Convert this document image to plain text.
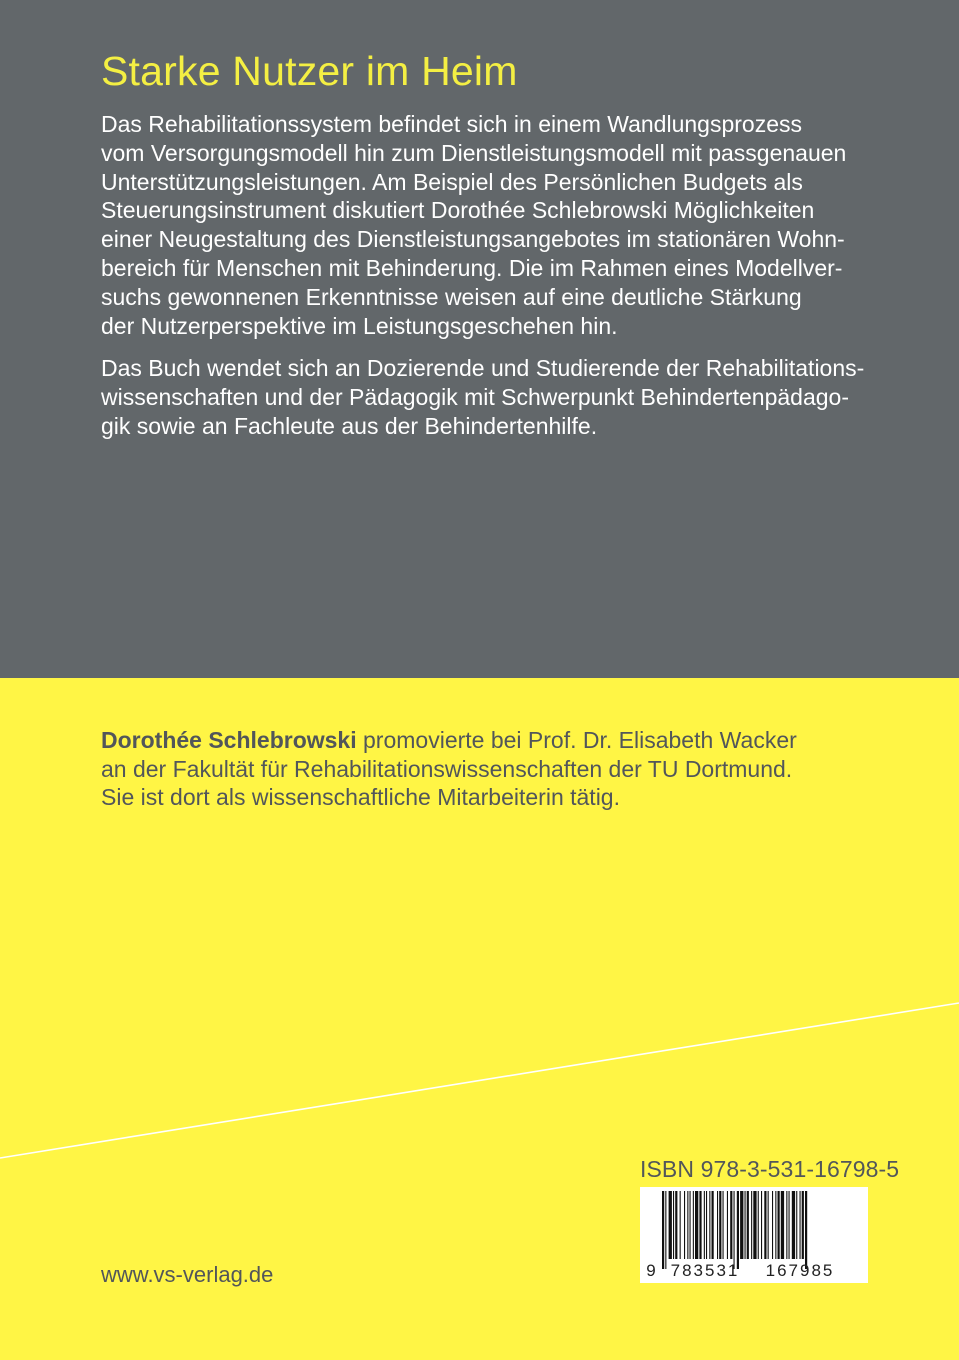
Starke Nutzer im Heim

Das Rehabilitationssystem befindet sich in einem Wandlungsprozess
vom Versorgungsmodell hin zum Dienstleistungsmodell mit passgenauen
Unterstützungsleistungen. Am Beispiel des Persönlichen Budgets als
Steuerungsinstrument diskutiert Dorothée Schlebrowski Möglichkeiten
einer Neugestaltung des Dienstleistungsangebotes im stationären Wohn-
bereich für Menschen mit Behinderung. Die im Rahmen eines Modellver-
suchs gewonnenen Erkenntnisse weisen auf eine deutliche Stärkung
der Nutzerperspektive im Leistungsgeschehen hin.

Das Buch wendet sich an Dozierende und Studierende der Rehabilitations-
wissenschaften und der Pädagogik mit Schwerpunkt Behindertenpädago-
gik sowie an Fachleute aus der Behindertenhilfe.

Dorothée Schlebrowski promovierte bei Prof. Dr. Elisabeth Wacker
an der Fakultät für Rehabilitationswissenschaften der TU Dortmund.
Sie ist dort als wissenschaftliche Mitarbeiterin tätig.
ISBN 978-3-531-16798-5
9 783531 167985
www.vs-verlag.de
